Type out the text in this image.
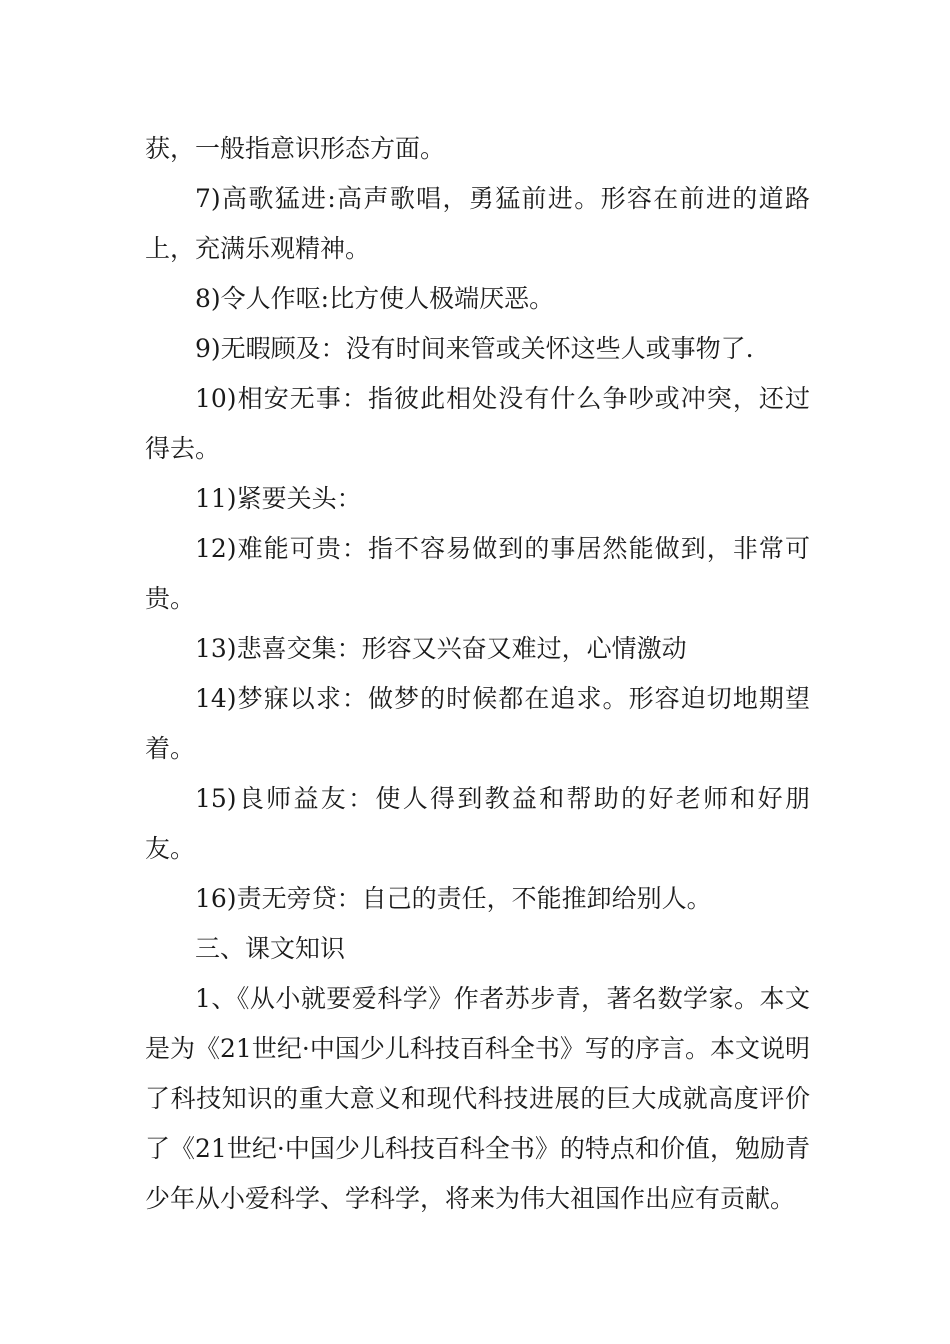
获，一般指意识形态方面。

7)高歌猛进:高声歌唱，勇猛前进。形容在前进的道路上，充满乐观精神。

8)令人作呕:比方使人极端厌恶。

9)无暇顾及：没有时间来管或关怀这些人或事物了.

10)相安无事：指彼此相处没有什么争吵或冲突，还过得去。

11)紧要关头：

12)难能可贵：指不容易做到的事居然能做到，非常可贵。

13)悲喜交集：形容又兴奋又难过，心情激动

14)梦寐以求：做梦的时候都在追求。形容迫切地期望着。

15)良师益友：使人得到教益和帮助的好老师和好朋友。

16)责无旁贷：自己的责任，不能推卸给别人。

三、课文知识

1、《从小就要爱科学》作者苏步青，著名数学家。本文是为《21世纪·中国少儿科技百科全书》写的序言。本文说明了科技知识的重大意义和现代科技进展的巨大成就高度评价了《21世纪·中国少儿科技百科全书》的特点和价值，勉励青少年从小爱科学、学科学，将来为伟大祖国作出应有贡献。
